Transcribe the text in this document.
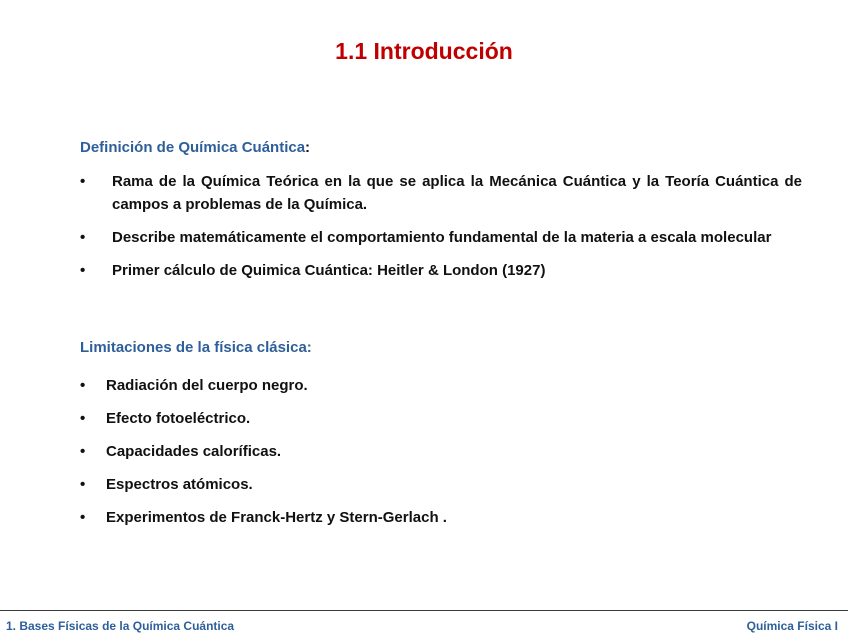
1.1 Introducción
Definición de Química Cuántica:
• Rama de la Química Teórica en la que se aplica la Mecánica Cuántica y la Teoría Cuántica de campos a problemas de la Química.
• Describe matemáticamente el comportamiento fundamental de la materia a escala molecular
• Primer cálculo de Quimica Cuántica: Heitler & London (1927)
Limitaciones de la física clásica:
• Radiación del cuerpo negro.
• Efecto fotoeléctrico.
• Capacidades caloríficas.
• Espectros atómicos.
• Experimentos de Franck-Hertz y Stern-Gerlach .
1. Bases Físicas de la Química Cuántica	Química Física I
